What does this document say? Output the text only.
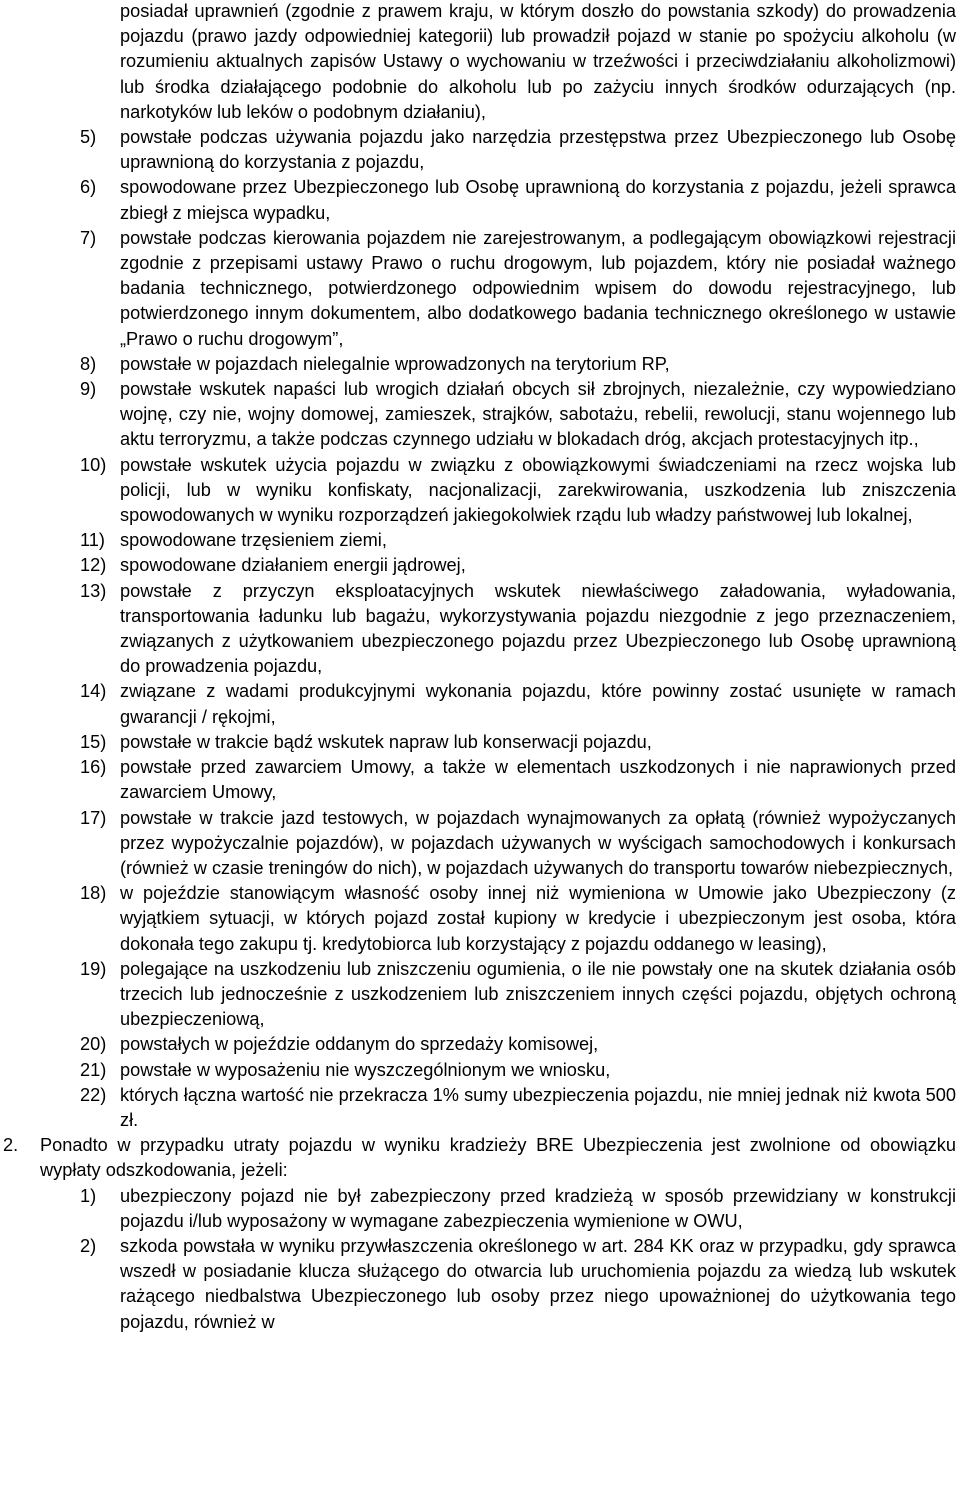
posiadał uprawnień (zgodnie z prawem kraju, w którym doszło do powstania szkody) do prowadzenia pojazdu (prawo jazdy odpowiedniej kategorii) lub prowadził pojazd w stanie po spożyciu alkoholu (w rozumieniu aktualnych zapisów Ustawy o wychowaniu w trzeźwości i przeciwdziałaniu alkoholizmowi) lub środka działającego podobnie do alkoholu lub po zażyciu innych środków odurzających (np. narkotyków lub leków o podobnym działaniu),

5) powstałe podczas używania pojazdu jako narzędzia przestępstwa przez Ubezpieczonego lub Osobę uprawnioną do korzystania z pojazdu,
6) spowodowane przez Ubezpieczonego lub Osobę uprawnioną do korzystania z pojazdu, jeżeli sprawca zbiegł z miejsca wypadku,
7) powstałe podczas kierowania pojazdem nie zarejestrowanym, a podlegającym obowiązkowi rejestracji zgodnie z przepisami ustawy Prawo o ruchu drogowym, lub pojazdem, który nie posiadał ważnego badania technicznego, potwierdzonego odpowiednim wpisem do dowodu rejestracyjnego, lub potwierdzonego innym dokumentem, albo dodatkowego badania technicznego określonego w ustawie „Prawo o ruchu drogowym”,
8) powstałe w pojazdach nielegalnie wprowadzonych na terytorium RP,
9) powstałe wskutek napaści lub wrogich działań obcych sił zbrojnych, niezależnie, czy wypowiedziano wojnę, czy nie, wojny domowej, zamieszek, strajków, sabotażu, rebelii, rewolucji, stanu wojennego lub aktu terroryzmu, a także podczas czynnego udziału w blokadach dróg, akcjach protestacyjnych itp.,
10) powstałe wskutek użycia pojazdu w związku z obowiązkowymi świadczeniami na rzecz wojska lub policji, lub w wyniku konfiskaty, nacjonalizacji, zarekwirowania, uszkodzenia lub zniszczenia spowodowanych w wyniku rozporządzeń jakiegokolwiek rządu lub władzy państwowej lub lokalnej,
11) spowodowane trzęsieniem ziemi,
12) spowodowane działaniem energii jądrowej,
13) powstałe z przyczyn eksploatacyjnych wskutek niewłaściwego załadowania, wyładowania, transportowania ładunku lub bagażu, wykorzystywania pojazdu niezgodnie z jego przeznaczeniem, związanych z użytkowaniem ubezpieczonego pojazdu przez Ubezpieczonego lub Osobę uprawnioną do prowadzenia pojazdu,
14) związane z wadami produkcyjnymi wykonania pojazdu, które powinny zostać usunięte w ramach gwarancji / rękojmi,
15) powstałe w trakcie bądź wskutek napraw lub konserwacji pojazdu,
16) powstałe przed zawarciem Umowy, a także w elementach uszkodzonych i nie naprawionych przed zawarciem Umowy,
17) powstałe w trakcie jazd testowych, w pojazdach wynajmowanych za opłatą (również wypożyczanych przez wypożyczalnie pojazdów), w pojazdach używanych w wyścigach samochodowych i konkursach (również w czasie treningów do nich), w pojazdach używanych do transportu towarów niebezpiecznych,
18) w pojeździe stanowiącym własność osoby innej niż wymieniona w Umowie jako Ubezpieczony (z wyjątkiem sytuacji, w których pojazd został kupiony w kredycie i ubezpieczonym jest osoba, która dokonała tego zakupu tj. kredytobiorca lub korzystający z pojazdu oddanego w leasing),
19) polegające na uszkodzeniu lub zniszczeniu ogumienia, o ile nie powstały one na skutek działania osób trzecich lub jednocześnie z uszkodzeniem lub zniszczeniem innych części pojazdu, objętych ochroną ubezpieczeniową,
20) powstałych w pojeździe oddanym do sprzedaży komisowej,
21) powstałe w wyposażeniu nie wyszczególnionym we wniosku,
22) których łączna wartość nie przekracza 1% sumy ubezpieczenia pojazdu, nie mniej jednak niż kwota 500 zł.
2. Ponadto w przypadku utraty pojazdu w wyniku kradzieży BRE Ubezpieczenia jest zwolnione od obowiązku wypłaty odszkodowania, jeżeli:
1) ubezpieczony pojazd nie był zabezpieczony przed kradzieżą w sposób przewidziany w konstrukcji pojazdu i/lub wyposażony w wymagane zabezpieczenia wymienione w OWU,
2) szkoda powstała w wyniku przywłaszczenia określonego w art. 284 KK oraz w przypadku, gdy sprawca wszedł w posiadanie klucza służącego do otwarcia lub uruchomienia pojazdu za wiedzą lub wskutek rażącego niedbalstwa Ubezpieczonego lub osoby przez niego upoważnionej do użytkowania tego pojazdu, również w
